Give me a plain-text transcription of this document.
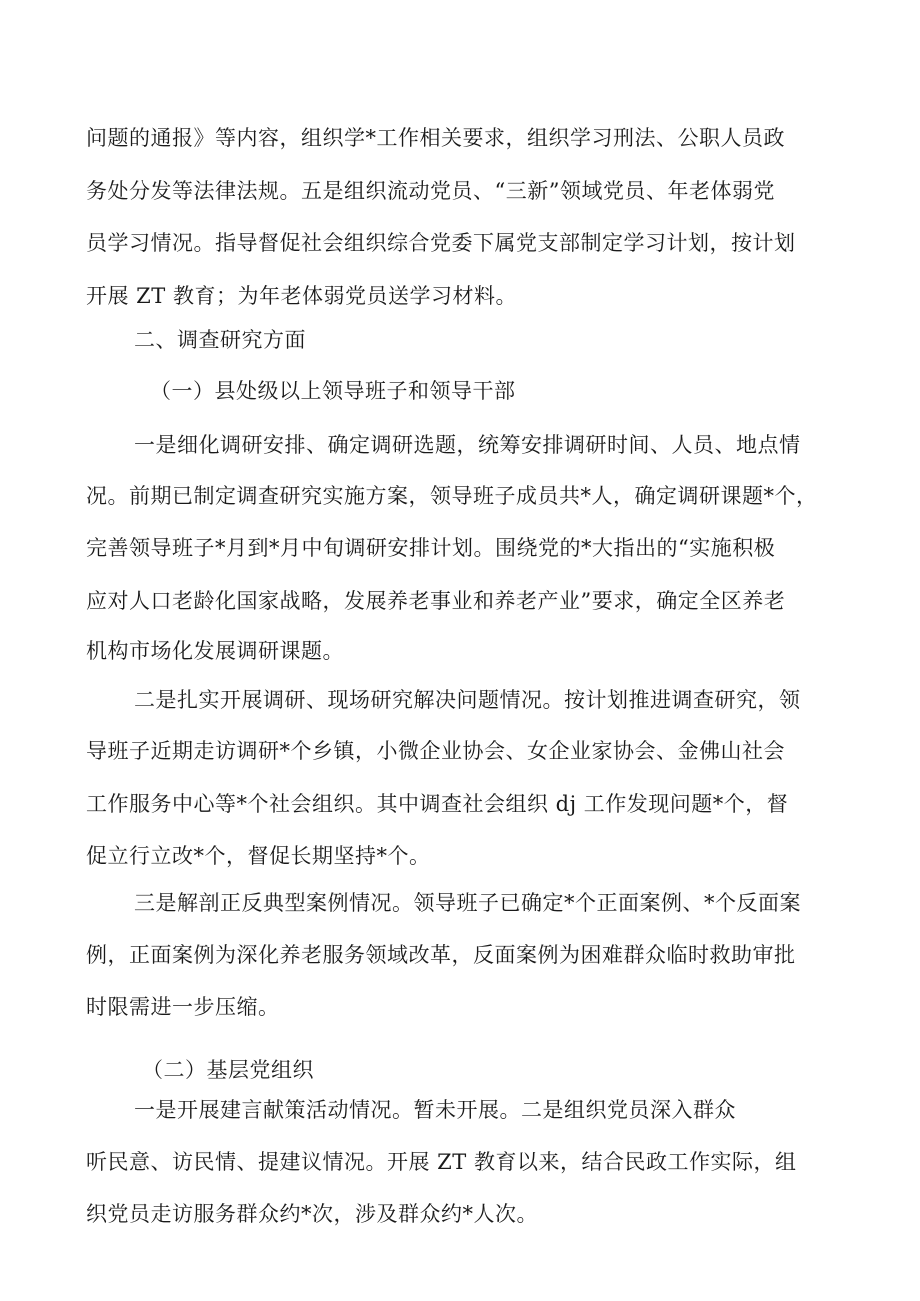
问题的通报》等内容，组织学*工作相关要求，组织学习刑法、公职人员政
务处分发等法律法规。五是组织流动党员、“三新”领域党员、年老体弱党
员学习情况。指导督促社会组织综合党委下属党支部制定学习计划，按计划
开展 ZT 教育；为年老体弱党员送学习材料。
二、调查研究方面
（一）县处级以上领导班子和领导干部
一是细化调研安排、确定调研选题，统筹安排调研时间、人员、地点情
况。前期已制定调查研究实施方案，领导班子成员共*人，确定调研课题*个，
完善领导班子*月到*月中旬调研安排计划。围绕党的*大指出的“实施积极
应对人口老龄化国家战略，发展养老事业和养老产业”要求，确定全区养老
机构市场化发展调研课题。
二是扎实开展调研、现场研究解决问题情况。按计划推进调查研究，领
导班子近期走访调研*个乡镇，小微企业协会、女企业家协会、金佛山社会
工作服务中心等*个社会组织。其中调查社会组织 dj 工作发现问题*个，督
促立行立改*个，督促长期坚持*个。
三是解剖正反典型案例情况。领导班子已确定*个正面案例、*个反面案
例，正面案例为深化养老服务领域改革，反面案例为困难群众临时救助审批
时限需进一步压缩。
（二）基层党组织
一是开展建言献策活动情况。暂未开展。二是组织党员深入群众
听民意、访民情、提建议情况。开展 ZT 教育以来，结合民政工作实际，组
织党员走访服务群众约*次，涉及群众约*人次。
